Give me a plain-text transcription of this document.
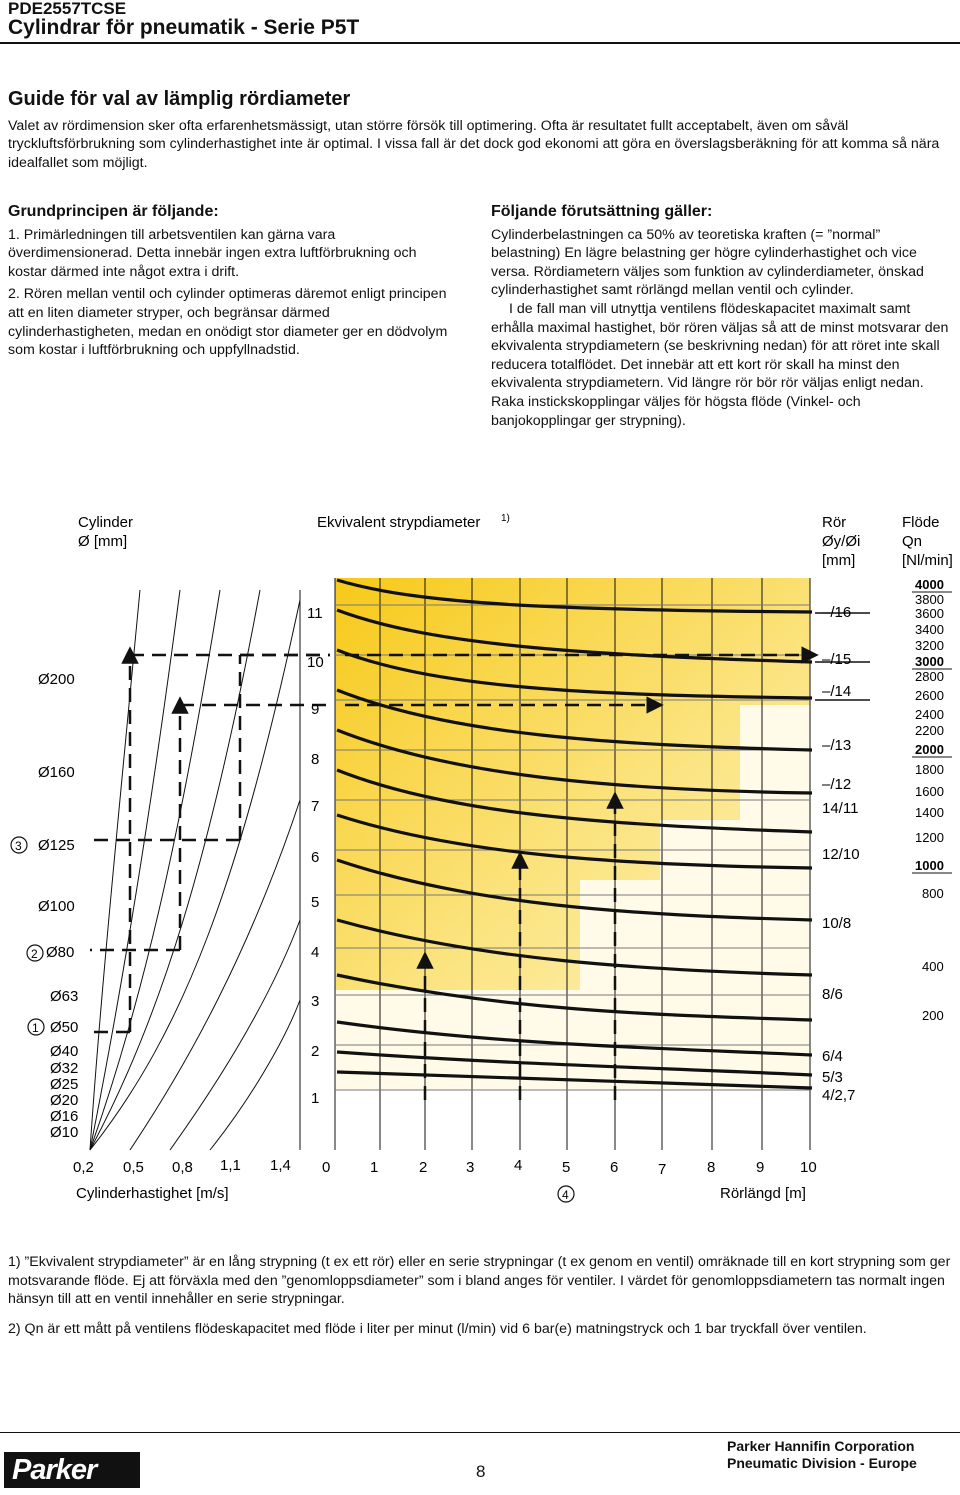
PDE2557TCSE
Cylindrar för pneumatik - Serie P5T
Guide för val av lämplig rördiameter
Valet av rördimension sker ofta erfarenhetsmässigt, utan större försök till optimering. Ofta är resultatet fullt acceptabelt, även om såväl tryckluftsförbrukning som cylinderhastighet inte är optimal. I vissa fall är det dock god ekonomi att göra en överslagsberäkning för att komma så nära idealfallet som möjligt.
Grundprincipen är följande:

1. Primärledningen till arbetsventilen kan gärna vara överdimensionerad. Detta innebär ingen extra luftförbrukning och kostar därmed inte något extra i drift.

2. Rören mellan ventil och cylinder optimeras däremot enligt principen att en liten diameter stryper, och begränsar därmed cylinderhastigheten, medan en onödigt stor diameter ger en dödvolym som kostar i luftförbrukning och uppfyllnadstid.

Följande förutsättning gäller:

Cylinderbelastningen ca 50% av teoretiska kraften (= ”normal” belastning) En lägre belastning ger högre cylinderhastighet och vice versa. Rördiametern väljes som funktion av cylinderdiameter, önskad cylinderhastighet samt rörlängd mellan ventil och cylinder.

I de fall man vill utnyttja ventilens flödeskapacitet maximalt samt erhålla maximal hastighet, bör rören väljas så att de minst motsvarar den ekvivalenta strypdiametern (se beskrivning nedan) för att röret inte skall reducera totalflödet. Det innebär att ett kort rör skall ha minst den ekvivalenta strypdiametern. Vid längre rör bör rör väljas enligt nedan. Raka instickskopplingar väljes för högsta flöde (Vinkel- och banjokopplingar ger strypning).

Cylinder
Ø [mm]
Ekvivalent strypdiameter 1)	Rör
Øy/Øi
[mm]
Flöde
Qn
[Nl/min]
Ø200
Ø160
Ø125
Ø100
Ø80
Ø63
Ø50
Ø40
Ø32
Ø25
Ø20
Ø16
Ø10
3
2
1
4
11
10
9
8
7
6
5
4
3
2
1
–/16
–/15
–/14
–/13
–/12
14/11
12/10
10/8
8/6
6/4
5/3
4/2,7
4000
3800
3600
3400
3200
3000
2800
2600
2400
2200
2000
1800
1600
1400
1200
1000
800
400
200
0,2 0,5 0,8 1,1 1,4
Cylinderhastighet [m/s]
0	1	2	3	4	5	6	7	8	9 10
Rörlängd [m]

1) ”Ekvivalent strypdiameter” är en lång strypning (t ex ett rör) eller en serie strypningar (t ex genom en ventil) omräknade till en kort strypning som ger motsvarande flöde. Ej att förväxla med den ”genomloppsdiameter” som i bland anges för ventiler. I värdet för genomloppsdiametern tas normalt ingen hänsyn till att en ventil innehåller en serie strypningar.

2) Qn är ett mått på ventilens flödeskapacitet med flöde i liter per minut (l/min) vid 6 bar(e) matningstryck och 1 bar tryckfall över ventilen.

Parker	8
Parker Hannifin Corporation
Pneumatic Division - Europe
